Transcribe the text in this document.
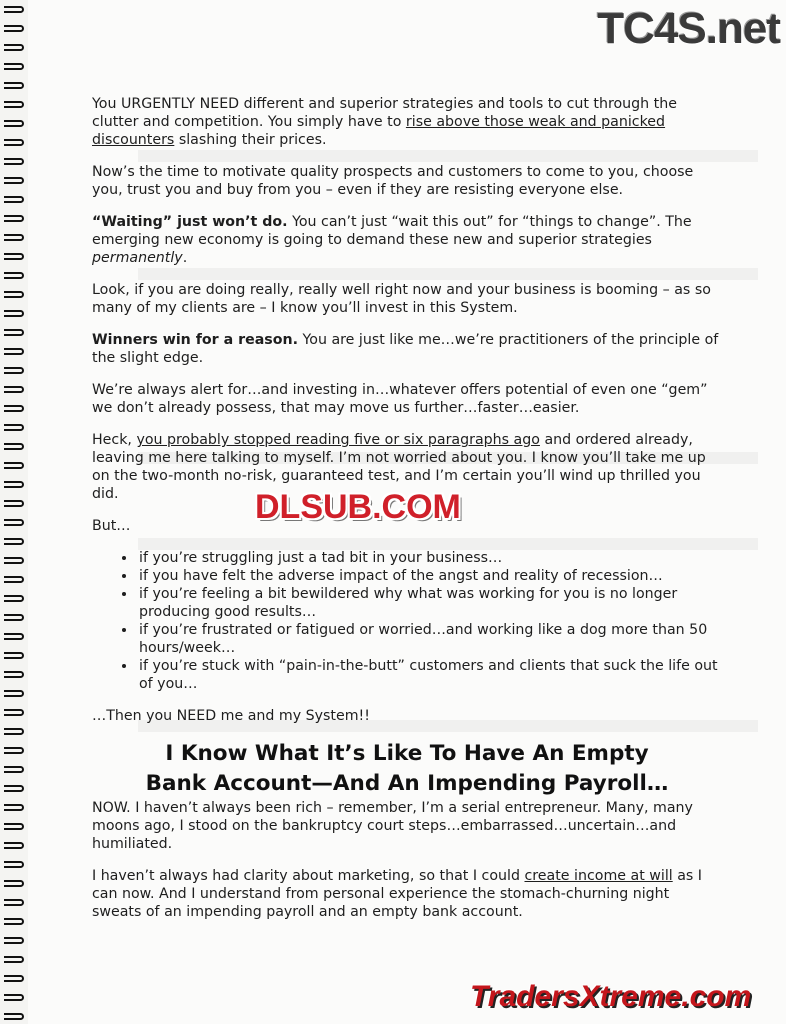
TC4S.net

You URGENTLY NEED different and superior strategies and tools to cut through the clutter and competition. You simply have to rise above those weak and panicked discounters slashing their prices.

Now’s the time to motivate quality prospects and customers to come to you, choose you, trust you and buy from you – even if they are resisting everyone else.

“Waiting” just won’t do. You can’t just “wait this out” for “things to change”. The emerging new economy is going to demand these new and superior strategies permanently.

Look, if you are doing really, really well right now and your business is booming – as so many of my clients are – I know you’ll invest in this System.

Winners win for a reason. You are just like me…we’re practitioners of the principle of the slight edge.

We’re always alert for…and investing in…whatever offers potential of even one “gem” we don’t already possess, that may move us further…faster…easier.

Heck, you probably stopped reading five or six paragraphs ago and ordered already, leaving me here talking to myself. I’m not worried about you. I know you’ll take me up on the two-month no-risk, guaranteed test, and I’m certain you’ll wind up thrilled you did.

But…

• if you’re struggling just a tad bit in your business…
• if you have felt the adverse impact of the angst and reality of recession…
• if you’re feeling a bit bewildered why what was working for you is no longer producing good results…
• if you’re frustrated or fatigued or worried…and working like a dog more than 50 hours/week…
• if you’re stuck with “pain-in-the-butt” customers and clients that suck the life out of you…

…Then you NEED me and my System!!

I Know What It’s Like To Have An Empty
Bank Account—And An Impending Payroll…

NOW. I haven’t always been rich – remember, I’m a serial entrepreneur. Many, many moons ago, I stood on the bankruptcy court steps…embarrassed…uncertain…and humiliated.

I haven’t always had clarity about marketing, so that I could create income at will as I can now. And I understand from personal experience the stomach-churning night sweats of an impending payroll and an empty bank account.

DLSUB.COM
TradersXtreme.com
